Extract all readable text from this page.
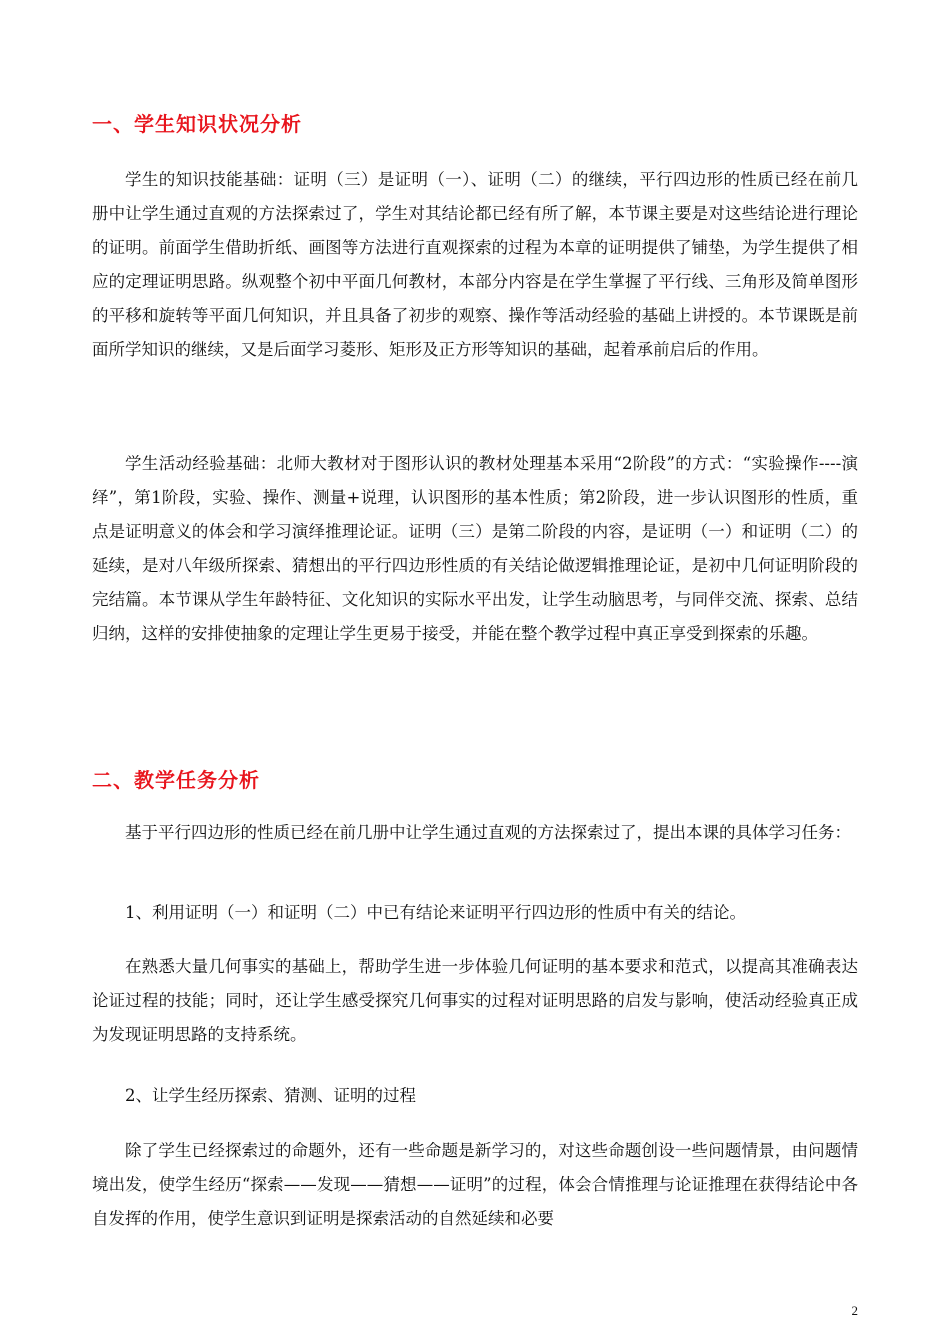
一、学生知识状况分析

学生的知识技能基础：证明（三）是证明（一）、证明（二）的继续，平行四边形的性质已经在前几册中让学生通过直观的方法探索过了，学生对其结论都已经有所了解，本节课主要是对这些结论进行理论的证明。前面学生借助折纸、画图等方法进行直观探索的过程为本章的证明提供了铺垫，为学生提供了相应的定理证明思路。纵观整个初中平面几何教材，本部分内容是在学生掌握了平行线、三角形及简单图形的平移和旋转等平面几何知识，并且具备了初步的观察、操作等活动经验的基础上讲授的。本节课既是前面所学知识的继续，又是后面学习菱形、矩形及正方形等知识的基础，起着承前启后的作用。

学生活动经验基础：北师大教材对于图形认识的教材处理基本采用“2阶段”的方式：“实验操作----演绎”，第1阶段，实验、操作、测量+说理，认识图形的基本性质；第2阶段，进一步认识图形的性质，重点是证明意义的体会和学习演绎推理论证。证明（三）是第二阶段的内容，是证明（一）和证明（二）的延续，是对八年级所探索、猜想出的平行四边形性质的有关结论做逻辑推理论证，是初中几何证明阶段的完结篇。本节课从学生年龄特征、文化知识的实际水平出发，让学生动脑思考，与同伴交流、探索、总结归纳，这样的安排使抽象的定理让学生更易于接受，并能在整个教学过程中真正享受到探索的乐趣。

二、教学任务分析

基于平行四边形的性质已经在前几册中让学生通过直观的方法探索过了，提出本课的具体学习任务：

1、利用证明（一）和证明（二）中已有结论来证明平行四边形的性质中有关的结论。

在熟悉大量几何事实的基础上，帮助学生进一步体验几何证明的基本要求和范式，以提高其准确表达论证过程的技能；同时，还让学生感受探究几何事实的过程对证明思路的启发与影响，使活动经验真正成为发现证明思路的支持系统。

2、让学生经历探索、猜测、证明的过程

除了学生已经探索过的命题外，还有一些命题是新学习的，对这些命题创设一些问题情景，由问题情境出发，使学生经历“探索——发现——猜想——证明”的过程，体会合情推理与论证推理在获得结论中各自发挥的作用，使学生意识到证明是探索活动的自然延续和必要

2
